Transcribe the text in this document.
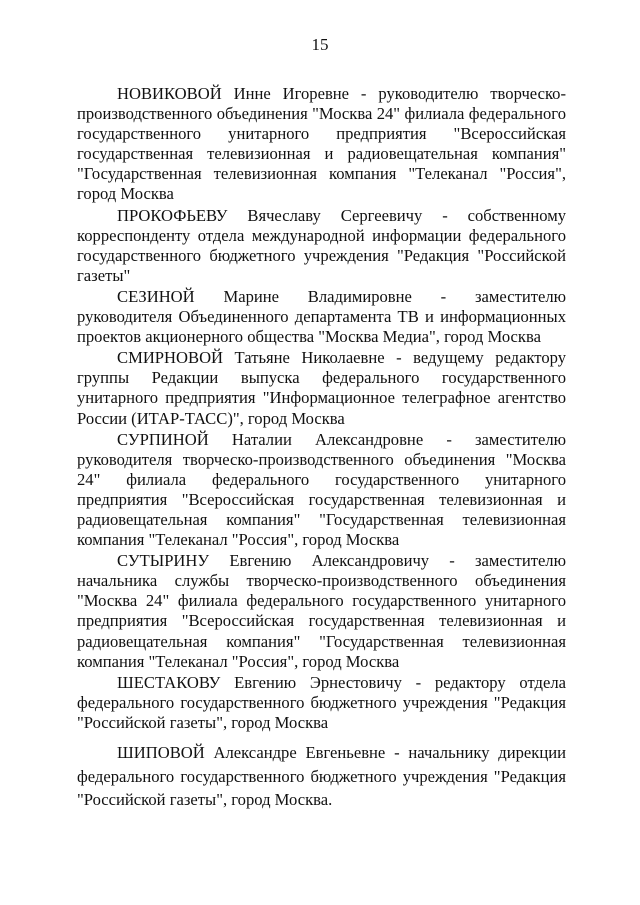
15

НОВИКОВОЙ Инне Игоревне - руководителю творческо-производственного объединения "Москва 24" филиала федерального государственного унитарного предприятия "Всероссийская государственная телевизионная и радиовещательная компания" "Государственная телевизионная компания "Телеканал "Россия", город Москва

ПРОКОФЬЕВУ Вячеславу Сергеевичу - собственному корреспонденту отдела международной информации федерального государственного бюджетного учреждения "Редакция "Российской газеты"

СЕЗИНОЙ Марине Владимировне - заместителю руководителя Объединенного департамента ТВ и информационных проектов акционерного общества "Москва Медиа", город Москва

СМИРНОВОЙ Татьяне Николаевне - ведущему редактору группы Редакции выпуска федерального государственного унитарного предприятия "Информационное телеграфное агентство России (ИТАР-ТАСС)", город Москва

СУРПИНОЙ Наталии Александровне - заместителю руководителя творческо-производственного объединения "Москва 24" филиала федерального государственного унитарного предприятия "Всероссийская государственная телевизионная и радиовещательная компания" "Государственная телевизионная компания "Телеканал "Россия", город Москва

СУТЫРИНУ Евгению Александровичу - заместителю начальника службы творческо-производственного объединения "Москва 24" филиала федерального государственного унитарного предприятия "Всероссийская государственная телевизионная и радиовещательная компания" "Государственная телевизионная компания "Телеканал "Россия", город Москва

ШЕСТАКОВУ Евгению Эрнестовичу - редактору отдела федерального государственного бюджетного учреждения "Редакция "Российской газеты", город Москва

ШИПОВОЙ Александре Евгеньевне - начальнику дирекции федерального государственного бюджетного учреждения "Редакция "Российской газеты", город Москва.
